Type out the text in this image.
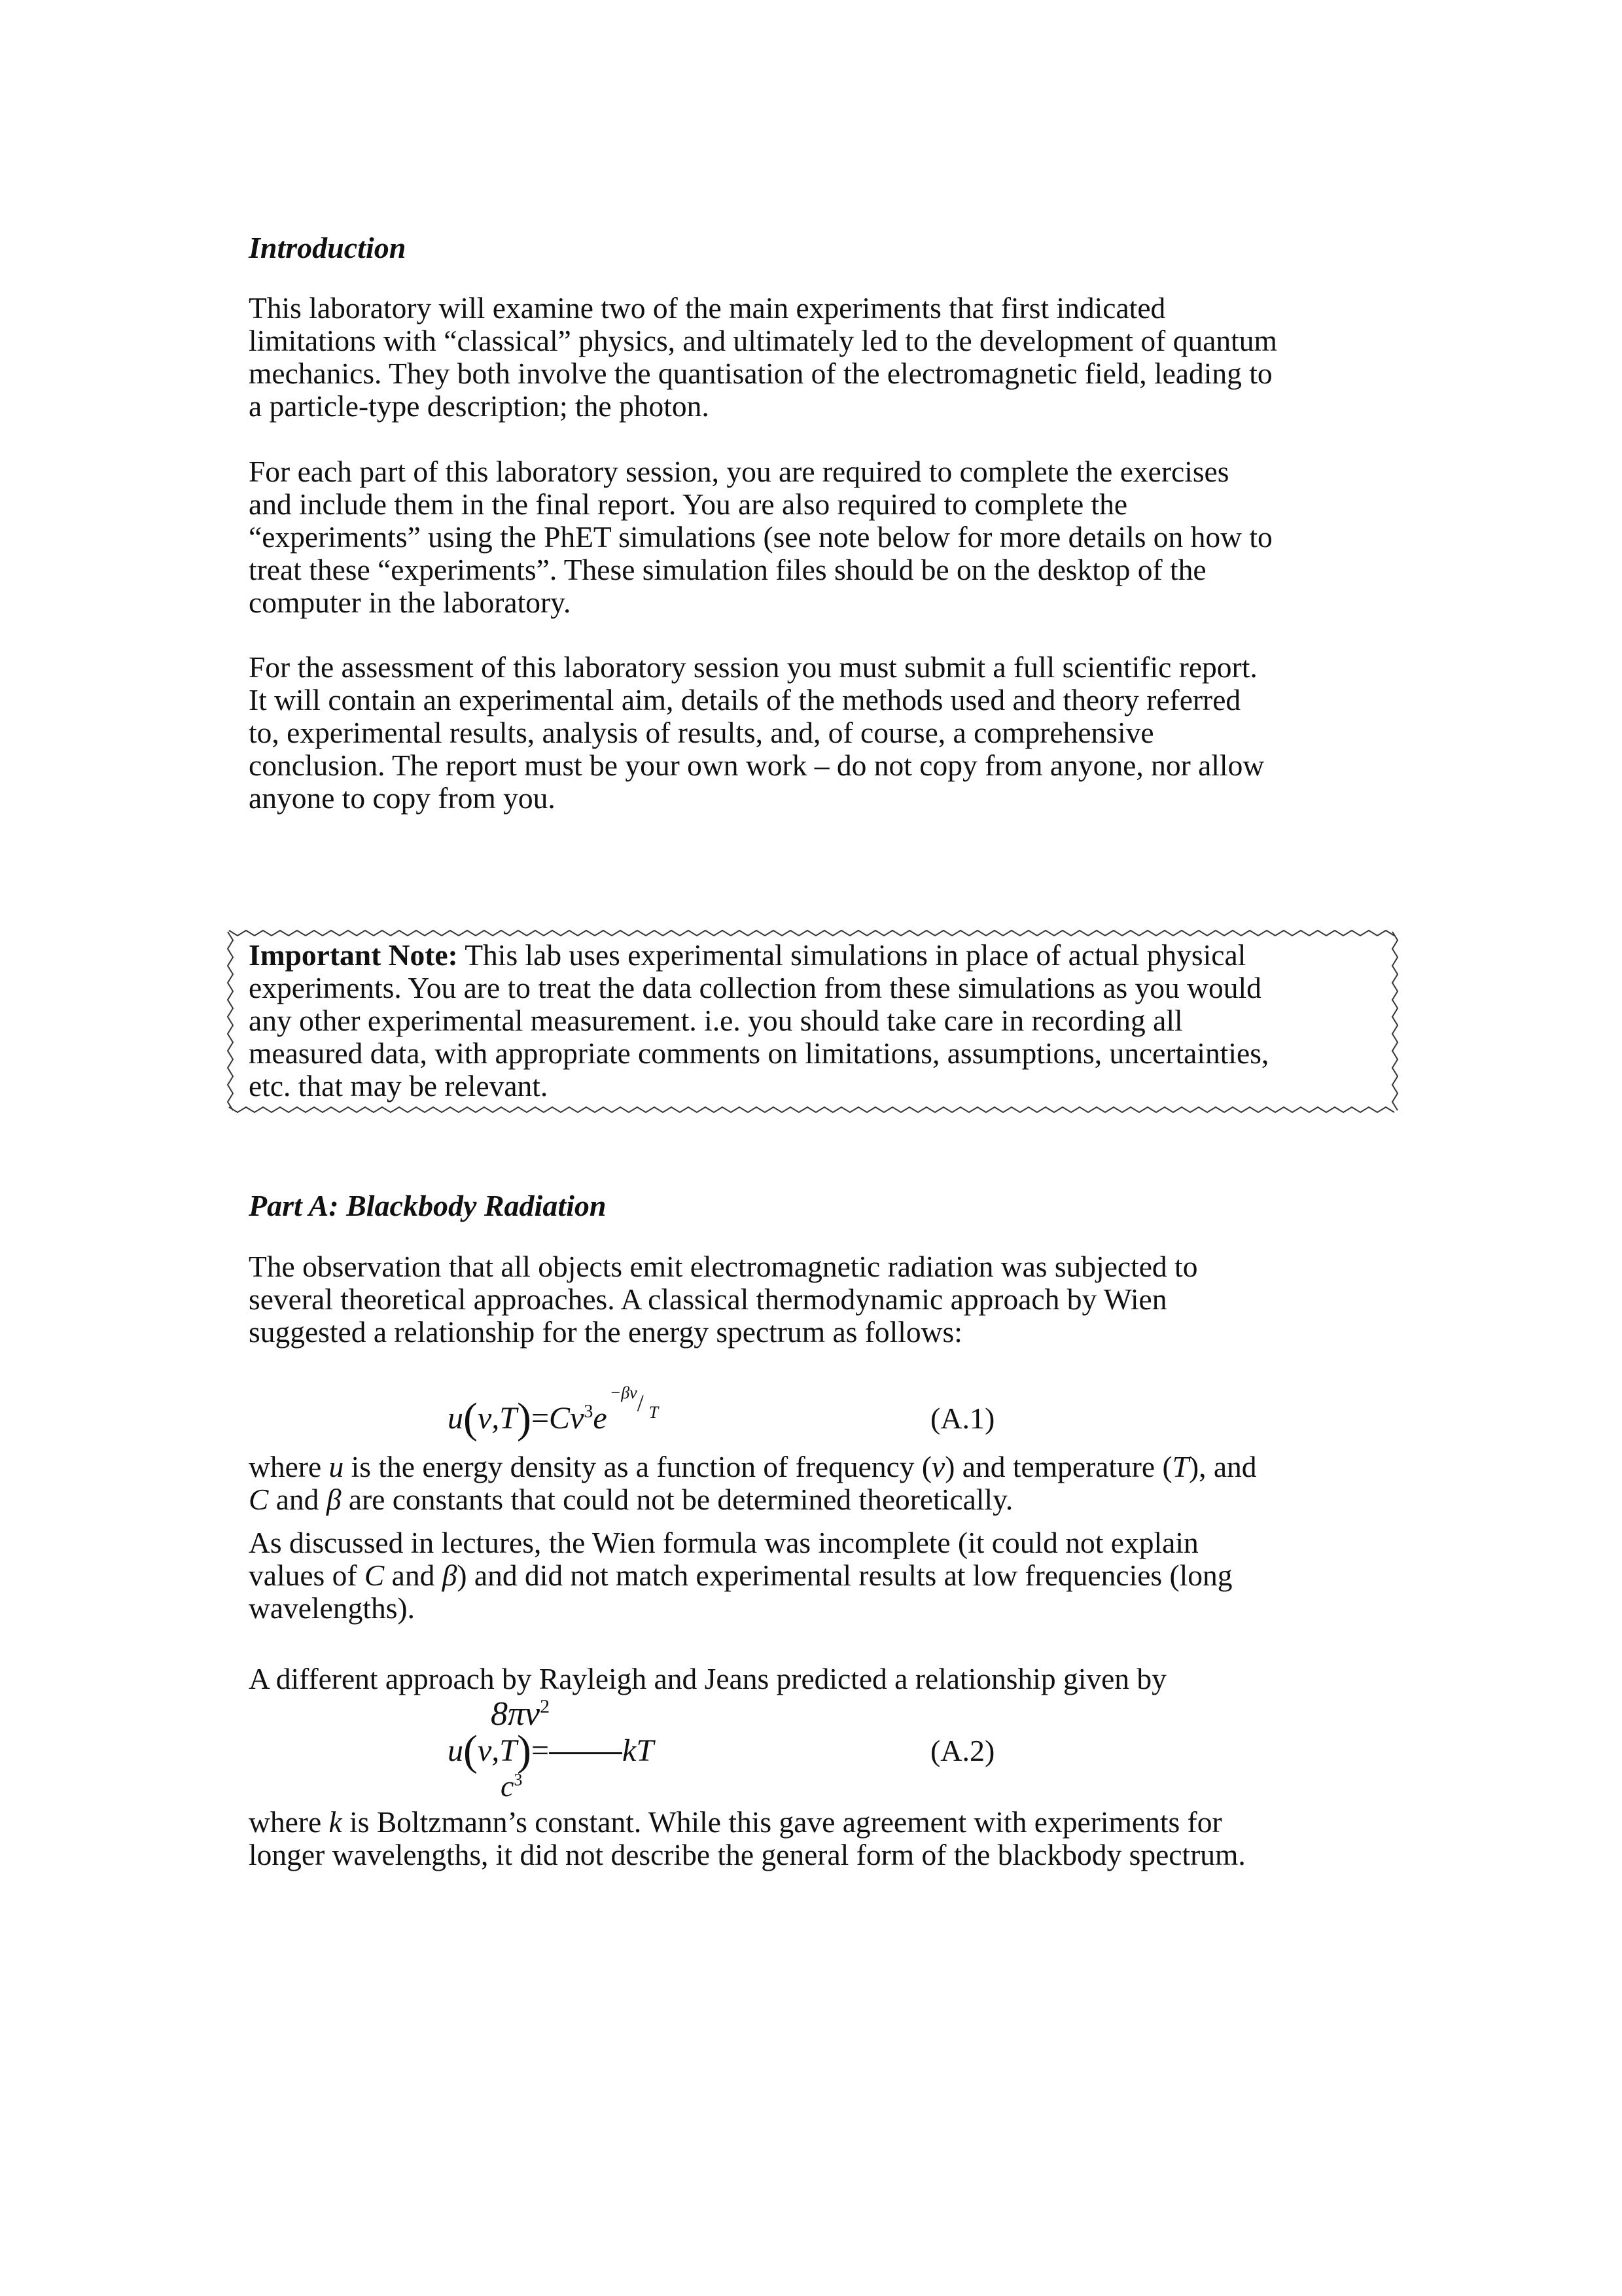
Introduction
This laboratory will examine two of the main experiments that first indicated
limitations with “classical” physics, and ultimately led to the development of quantum
mechanics. They both involve the quantisation of the electromagnetic field, leading to
a particle-type description; the photon.
For each part of this laboratory session, you are required to complete the exercises
and include them in the final report. You are also required to complete the
“experiments” using the PhET simulations (see note below for more details on how to
treat these “experiments”. These simulation files should be on the desktop of the
computer in the laboratory.
For the assessment of this laboratory session you must submit a full scientific report.
It will contain an experimental aim, details of the methods used and theory referred
to, experimental results, analysis of results, and, of course, a comprehensive
conclusion. The report must be your own work – do not copy from anyone, nor allow
anyone to copy from you.
Important Note: This lab uses experimental simulations in place of actual physical
experiments. You are to treat the data collection from these simulations as you would
any other experimental measurement. i.e. you should take care in recording all
measured data, with appropriate comments on limitations, assumptions, uncertainties,
etc. that may be relevant.
Part A: Blackbody Radiation
The observation that all objects emit electromagnetic radiation was subjected to
several theoretical approaches. A classical thermodynamic approach by Wien
suggested a relationship for the energy spectrum as follows:
$u(\nu,T)=C\nu^3e$
−βν / T	(A.1)
where u is the energy density as a function of frequency (ν) and temperature (T), and
C and β are constants that could not be determined theoretically.
As discussed in lectures, the Wien formula was incomplete (it could not explain
values of C and β) and did not match experimental results at low frequencies (long
wavelengths).
A different approach by Rayleigh and Jeans predicted a relationship given by
$8\pi\nu^2$
u(ν,T)= kT
$c^3$
(A.2)
where k is Boltzmann’s constant. While this gave agreement with experiments for
longer wavelengths, it did not describe the general form of the blackbody spectrum.
